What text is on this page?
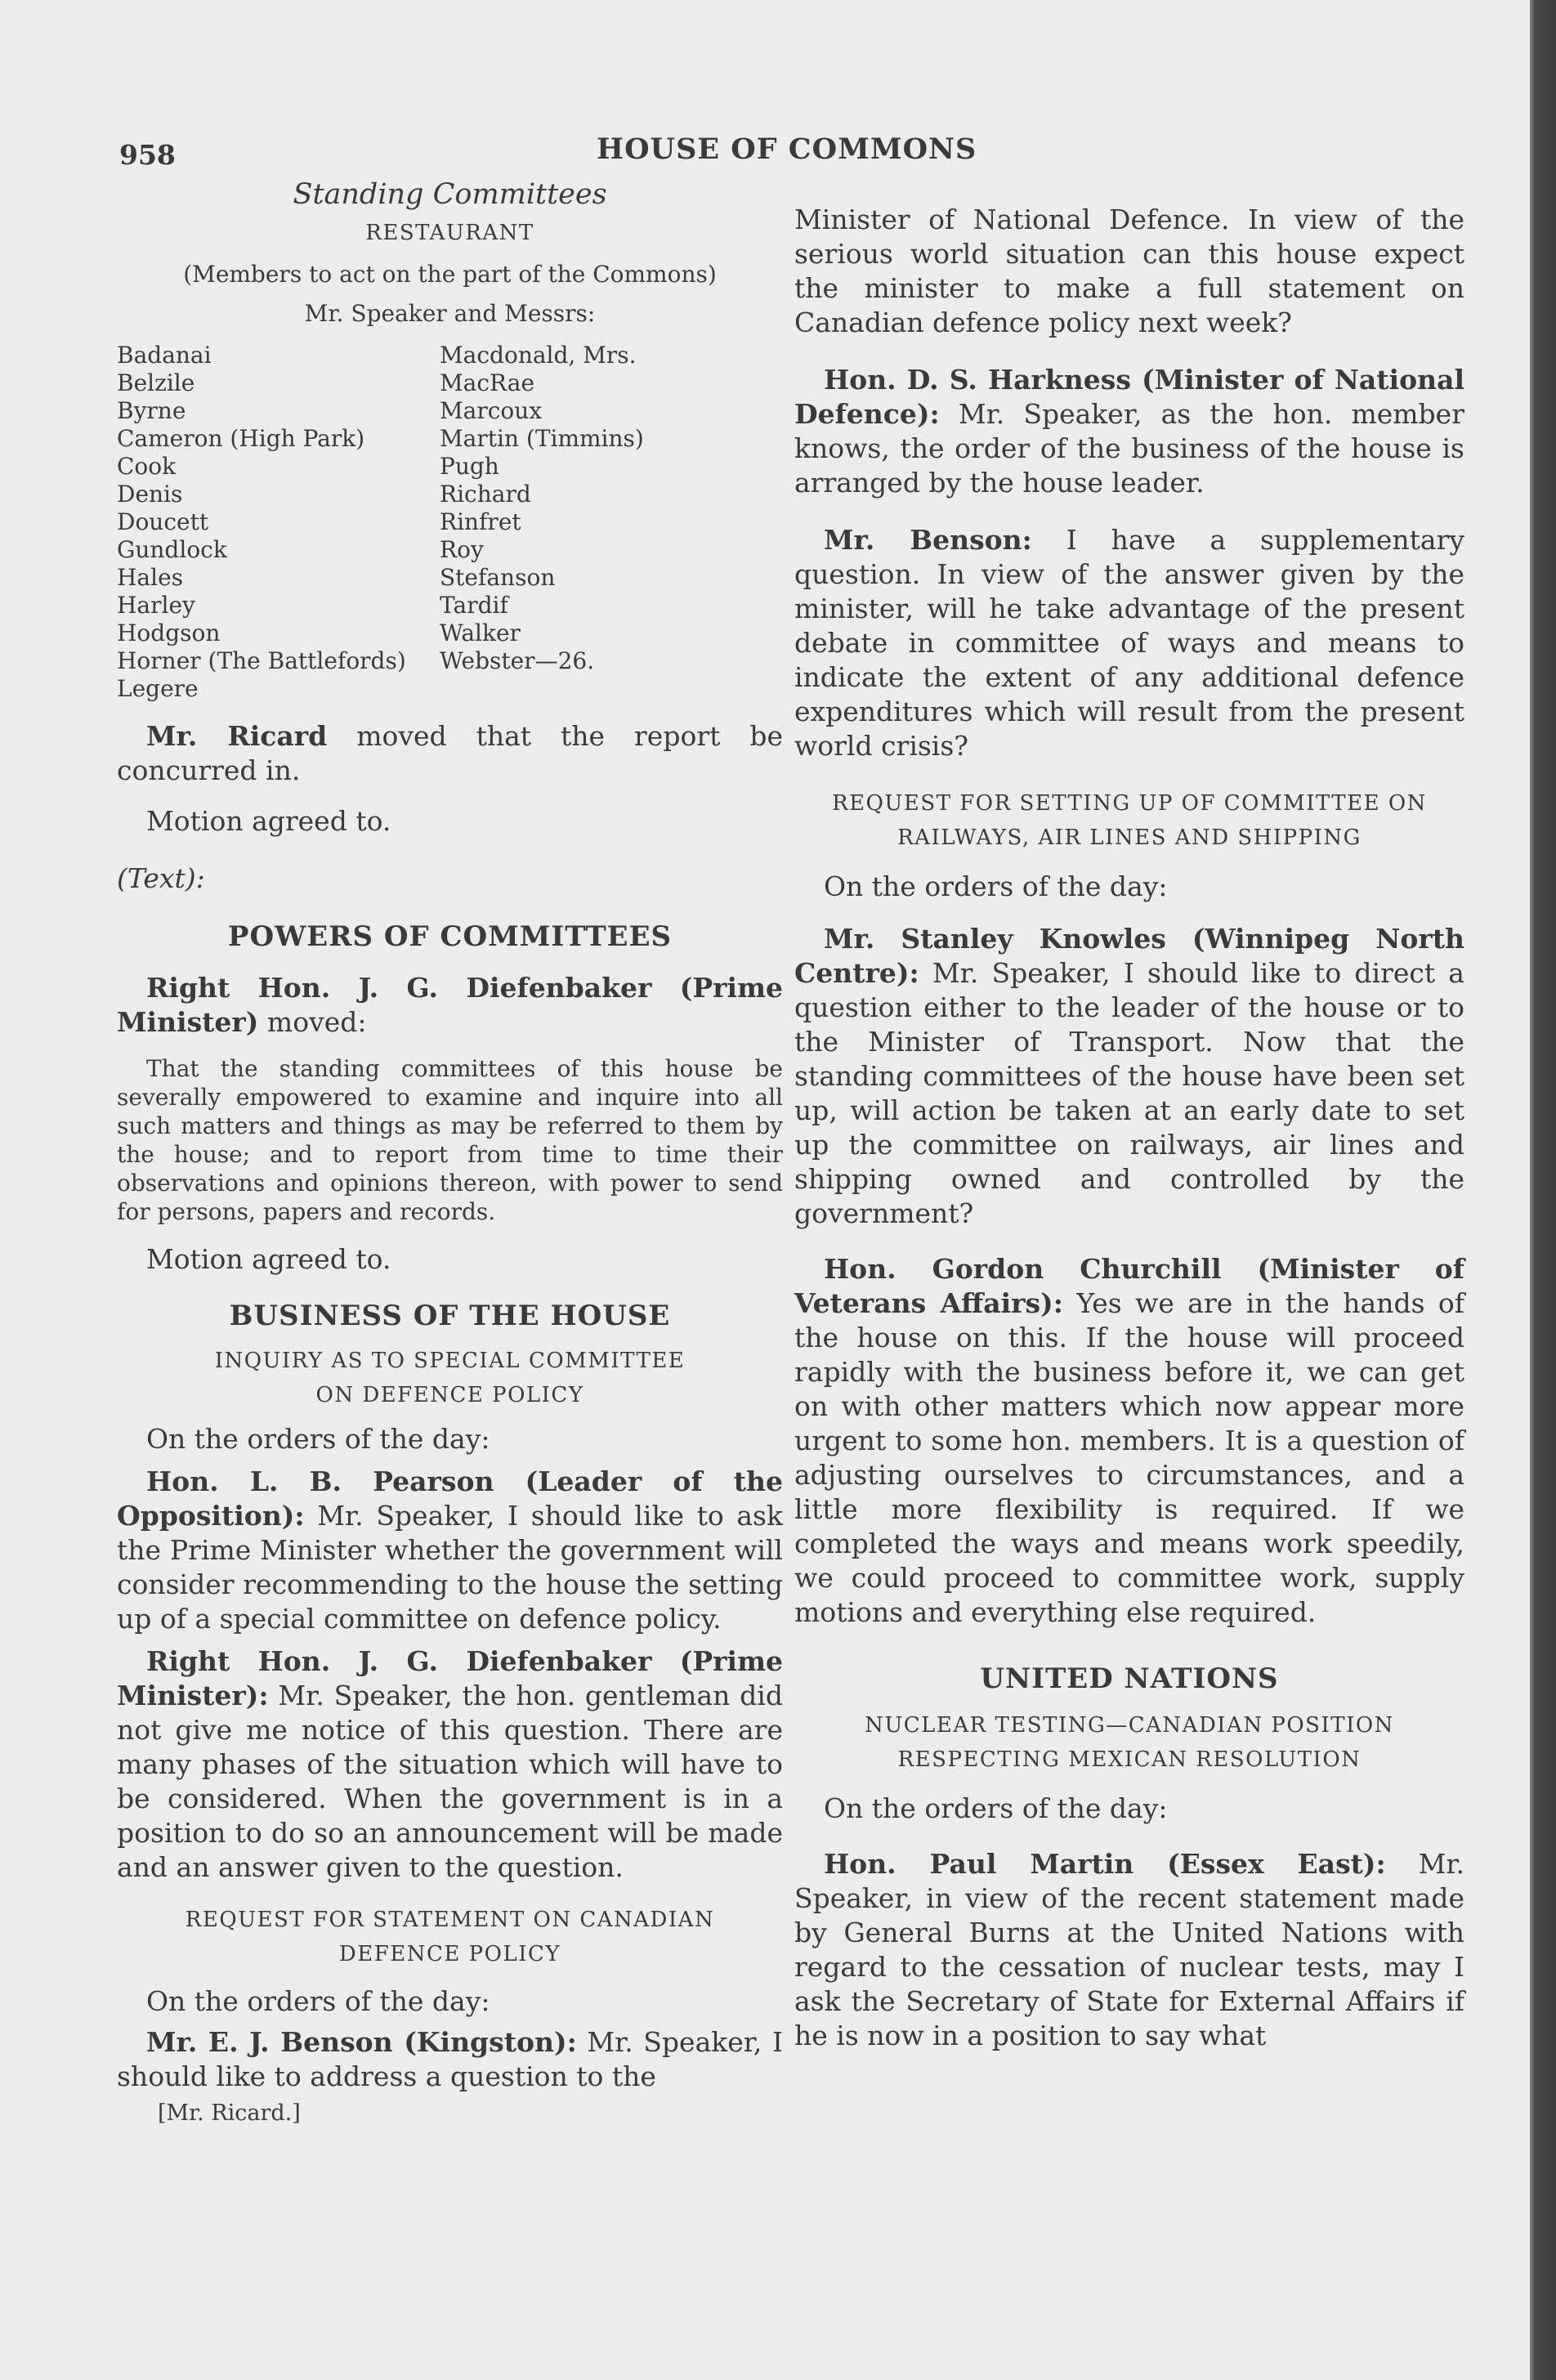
958	HOUSE OF COMMONS
Standing Committees
RESTAURANT
(Members to act on the part of the Commons)
Mr. Speaker and Messrs:
Badanai
Belzile
Byrne
Cameron (High Park)
Cook
Denis
Doucett
Gundlock
Hales
Harley
Hodgson
Horner (The Battlefords)
Legere
Macdonald, Mrs.
MacRae
Marcoux
Martin (Timmins)
Pugh
Richard
Rinfret
Roy
Stefanson
Tardif
Walker
Webster—26.

Mr. Ricard moved that the report be concurred in.

Motion agreed to.

(Text):

POWERS OF COMMITTEES

Right Hon. J. G. Diefenbaker (Prime Minister) moved:

That the standing committees of this house be severally empowered to examine and inquire into all such matters and things as may be referred to them by the house; and to report from time to time their observations and opinions thereon, with power to send for persons, papers and records.

Motion agreed to.

BUSINESS OF THE HOUSE
INQUIRY AS TO SPECIAL COMMITTEE
ON DEFENCE POLICY

On the orders of the day:

Hon. L. B. Pearson (Leader of the Opposition): Mr. Speaker, I should like to ask the Prime Minister whether the government will consider recommending to the house the setting up of a special committee on defence policy.

Right Hon. J. G. Diefenbaker (Prime Minister): Mr. Speaker, the hon. gentleman did not give me notice of this question. There are many phases of the situation which will have to be considered. When the government is in a position to do so an announcement will be made and an answer given to the question.

REQUEST FOR STATEMENT ON CANADIAN
DEFENCE POLICY

On the orders of the day:

Mr. E. J. Benson (Kingston): Mr. Speaker, I should like to address a question to the

[Mr. Ricard.]

Minister of National Defence. In view of the serious world situation can this house expect the minister to make a full statement on Canadian defence policy next week?

Hon. D. S. Harkness (Minister of National Defence): Mr. Speaker, as the hon. member knows, the order of the business of the house is arranged by the house leader.

Mr. Benson: I have a supplementary question. In view of the answer given by the minister, will he take advantage of the present debate in committee of ways and means to indicate the extent of any additional defence expenditures which will result from the present world crisis?

REQUEST FOR SETTING UP OF COMMITTEE ON
RAILWAYS, AIR LINES AND SHIPPING

On the orders of the day:

Mr. Stanley Knowles (Winnipeg North Centre): Mr. Speaker, I should like to direct a question either to the leader of the house or to the Minister of Transport. Now that the standing committees of the house have been set up, will action be taken at an early date to set up the committee on railways, air lines and shipping owned and controlled by the government?

Hon. Gordon Churchill (Minister of Veterans Affairs): Yes we are in the hands of the house on this. If the house will proceed rapidly with the business before it, we can get on with other matters which now appear more urgent to some hon. members. It is a question of adjusting ourselves to circumstances, and a little more flexibility is required. If we completed the ways and means work speedily, we could proceed to committee work, supply motions and everything else required.

UNITED NATIONS
NUCLEAR TESTING—CANADIAN POSITION
RESPECTING MEXICAN RESOLUTION

On the orders of the day:

Hon. Paul Martin (Essex East): Mr. Speaker, in view of the recent statement made by General Burns at the United Nations with regard to the cessation of nuclear tests, may I ask the Secretary of State for External Affairs if he is now in a position to say what
